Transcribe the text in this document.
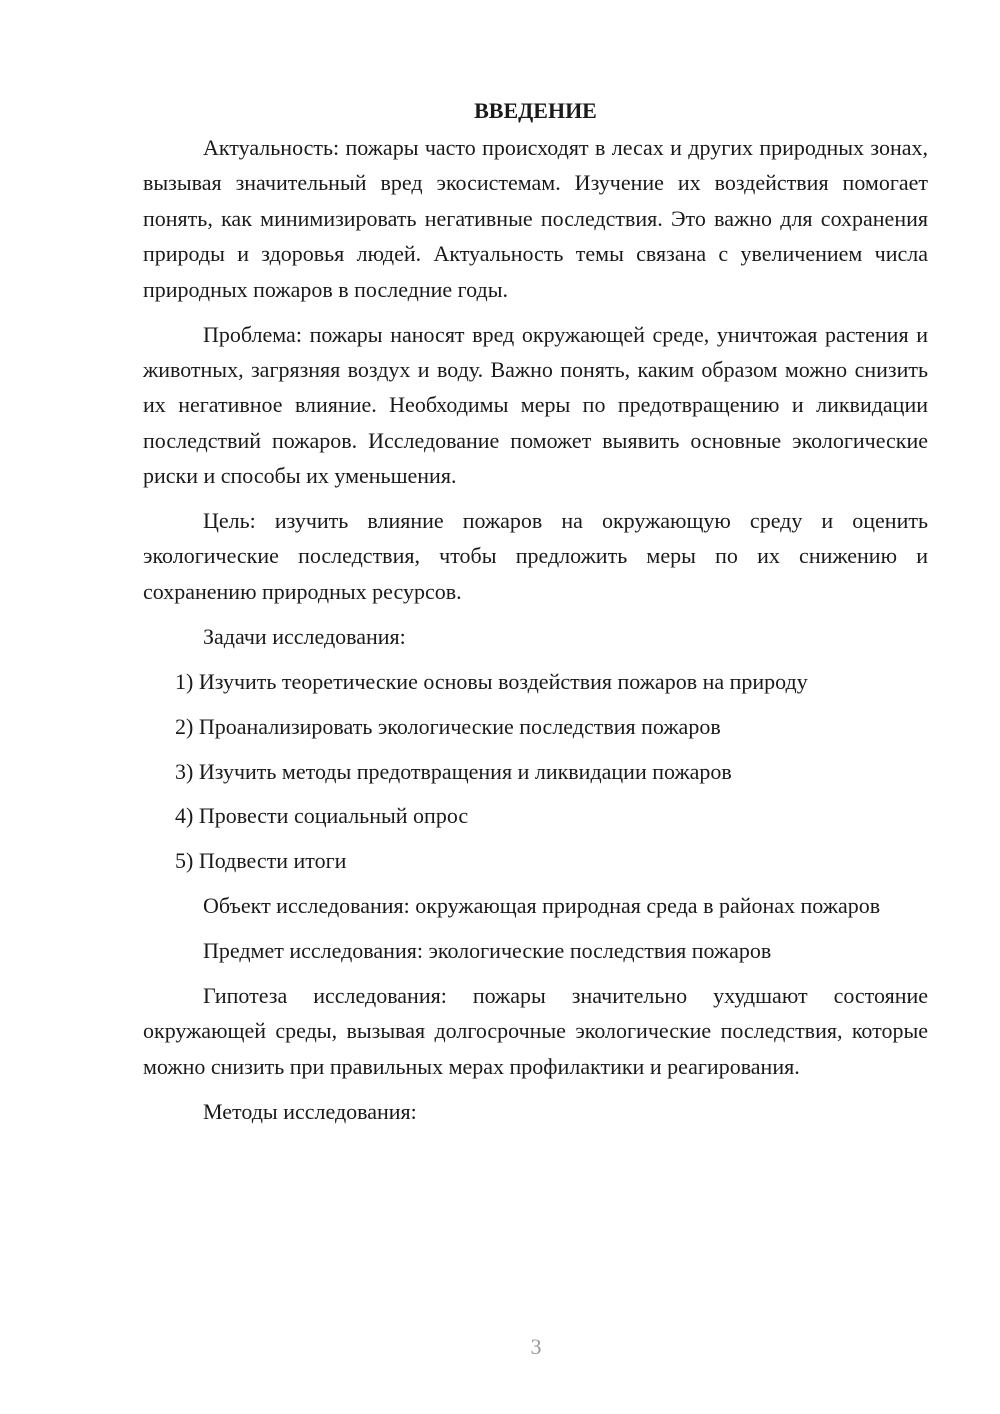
ВВЕДЕНИЕ

Актуальность: пожары часто происходят в лесах и других природных зонах, вызывая значительный вред экосистемам. Изучение их воздействия помогает понять, как минимизировать негативные последствия. Это важно для сохранения природы и здоровья людей. Актуальность темы связана с увеличением числа природных пожаров в последние годы.

Проблема: пожары наносят вред окружающей среде, уничтожая растения и животных, загрязняя воздух и воду. Важно понять, каким образом можно снизить их негативное влияние. Необходимы меры по предотвращению и ликвидации последствий пожаров. Исследование поможет выявить основные экологические риски и способы их уменьшения.

Цель: изучить влияние пожаров на окружающую среду и оценить экологические последствия, чтобы предложить меры по их снижению и сохранению природных ресурсов.

Задачи исследования:

1) Изучить теоретические основы воздействия пожаров на природу
2) Проанализировать экологические последствия пожаров
3) Изучить методы предотвращения и ликвидации пожаров
4) Провести социальный опрос
5) Подвести итоги

Объект исследования: окружающая природная среда в районах пожаров

Предмет исследования: экологические последствия пожаров

Гипотеза исследования: пожары значительно ухудшают состояние окружающей среды, вызывая долгосрочные экологические последствия, которые можно снизить при правильных мерах профилактики и реагирования.

Методы исследования:

3
